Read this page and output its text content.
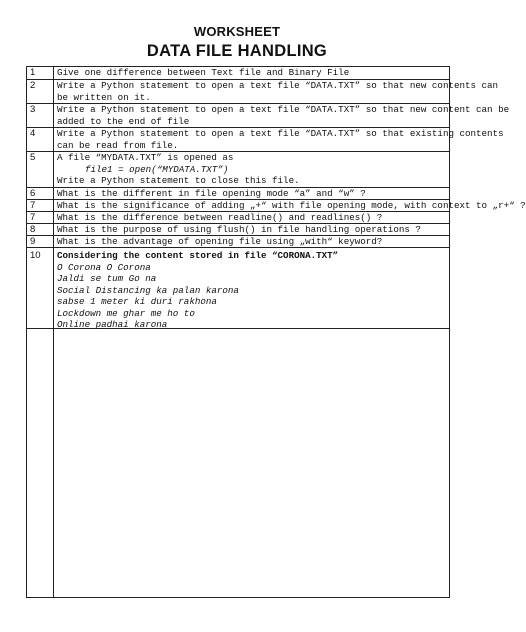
WORKSHEET
DATA FILE HANDLING
1 Give one difference between Text file and Binary File
2 Write a Python statement to open a text file “DATA.TXT” so that new contents can
be written on it.
3 Write a Python statement to open a text file “DATA.TXT” so that new content can be
added to the end of file
4 Write a Python statement to open a text file “DATA.TXT” so that existing contents
can be read from file.
5 A file “MYDATA.TXT” is opened as
file1 = open(“MYDATA.TXT”)
Write a Python statement to close this file.
6 What is the different in file opening mode “a” and “w” ?
7 What is the significance of adding „+“ with file opening mode, with context to „r+“ ?
7 What is the difference between readline() and readlines() ?
8 What is the purpose of using flush() in file handling operations ?
9 What is the advantage of opening file using „with“ keyword?
10 Considering the content stored in file “CORONA.TXT”
O Corona O Corona
Jaldi se tum Go na
Social Distancing ka palan karona
sabse 1 meter ki duri rakhona
Lockdown me ghar me ho to
Online padhai karona
